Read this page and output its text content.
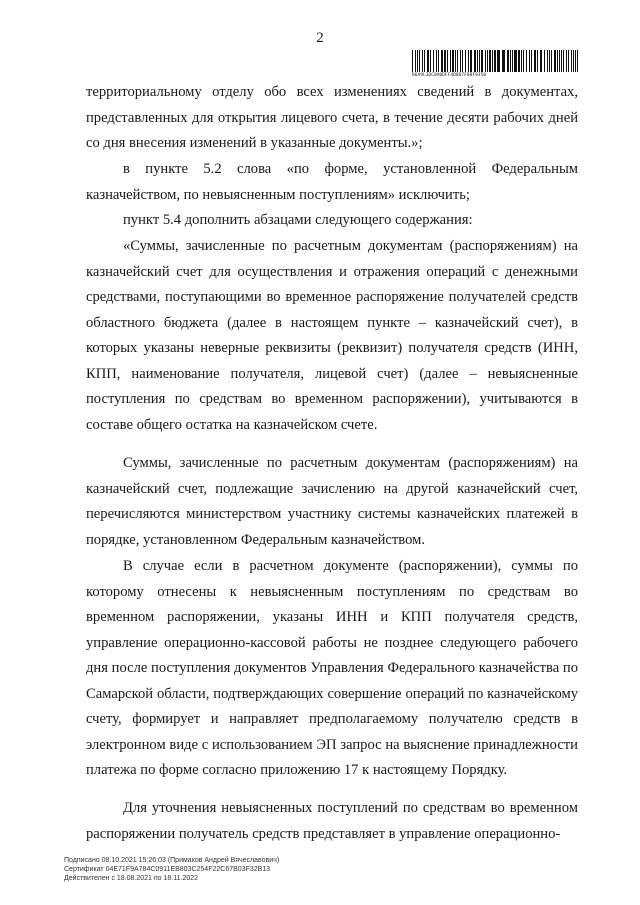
2
B6A9L3DC0A0DFF4D8D7F0BF9350

территориальному отделу обо всех изменениях сведений в документах, представленных для открытия лицевого счета, в течение десяти рабочих дней со дня внесения изменений в указанные документы.»;

в пункте 5.2 слова «по форме, установленной Федеральным казначейством, по невыясненным поступлениям» исключить;

пункт 5.4 дополнить абзацами следующего содержания:

«Суммы, зачисленные по расчетным документам (распоряжениям) на казначейский счет для осуществления и отражения операций с денежными средствами, поступающими во временное распоряжение получателей средств областного бюджета (далее в настоящем пункте – казначейский счет), в которых указаны неверные реквизиты (реквизит) получателя средств (ИНН, КПП, наименование получателя, лицевой счет) (далее – невыясненные поступления по средствам во временном распоряжении), учитываются в составе общего остатка на казначейском счете.

Суммы, зачисленные по расчетным документам (распоряжениям) на казначейский счет, подлежащие зачислению на другой казначейский счет, перечисляются министерством участнику системы казначейских платежей в порядке, установленном Федеральным казначейством.

В случае если в расчетном документе (распоряжении), суммы по которому отнесены к невыясненным поступлениям по средствам во временном распоряжении, указаны ИНН и КПП получателя средств, управление операционно-кассовой работы не позднее следующего рабочего дня после поступления документов Управления Федерального казначейства по Самарской области, подтверждающих совершение операций по казначейскому счету, формирует и направляет предполагаемому получателю средств в электронном виде с использованием ЭП запрос на выяснение принадлежности платежа по форме согласно приложению 17 к настоящему Порядку.

Для уточнения невыясненных поступлений по средствам во временном распоряжении получатель средств представляет в управление операционно-

Подписано 08.10.2021 15:26:03 (Примаков Андрей Вячеславович)
Сертификат 04E71F9A784C0911EB803C254F22C67B03F32B13
Действителен с 18.08.2021 по 18.11.2022
